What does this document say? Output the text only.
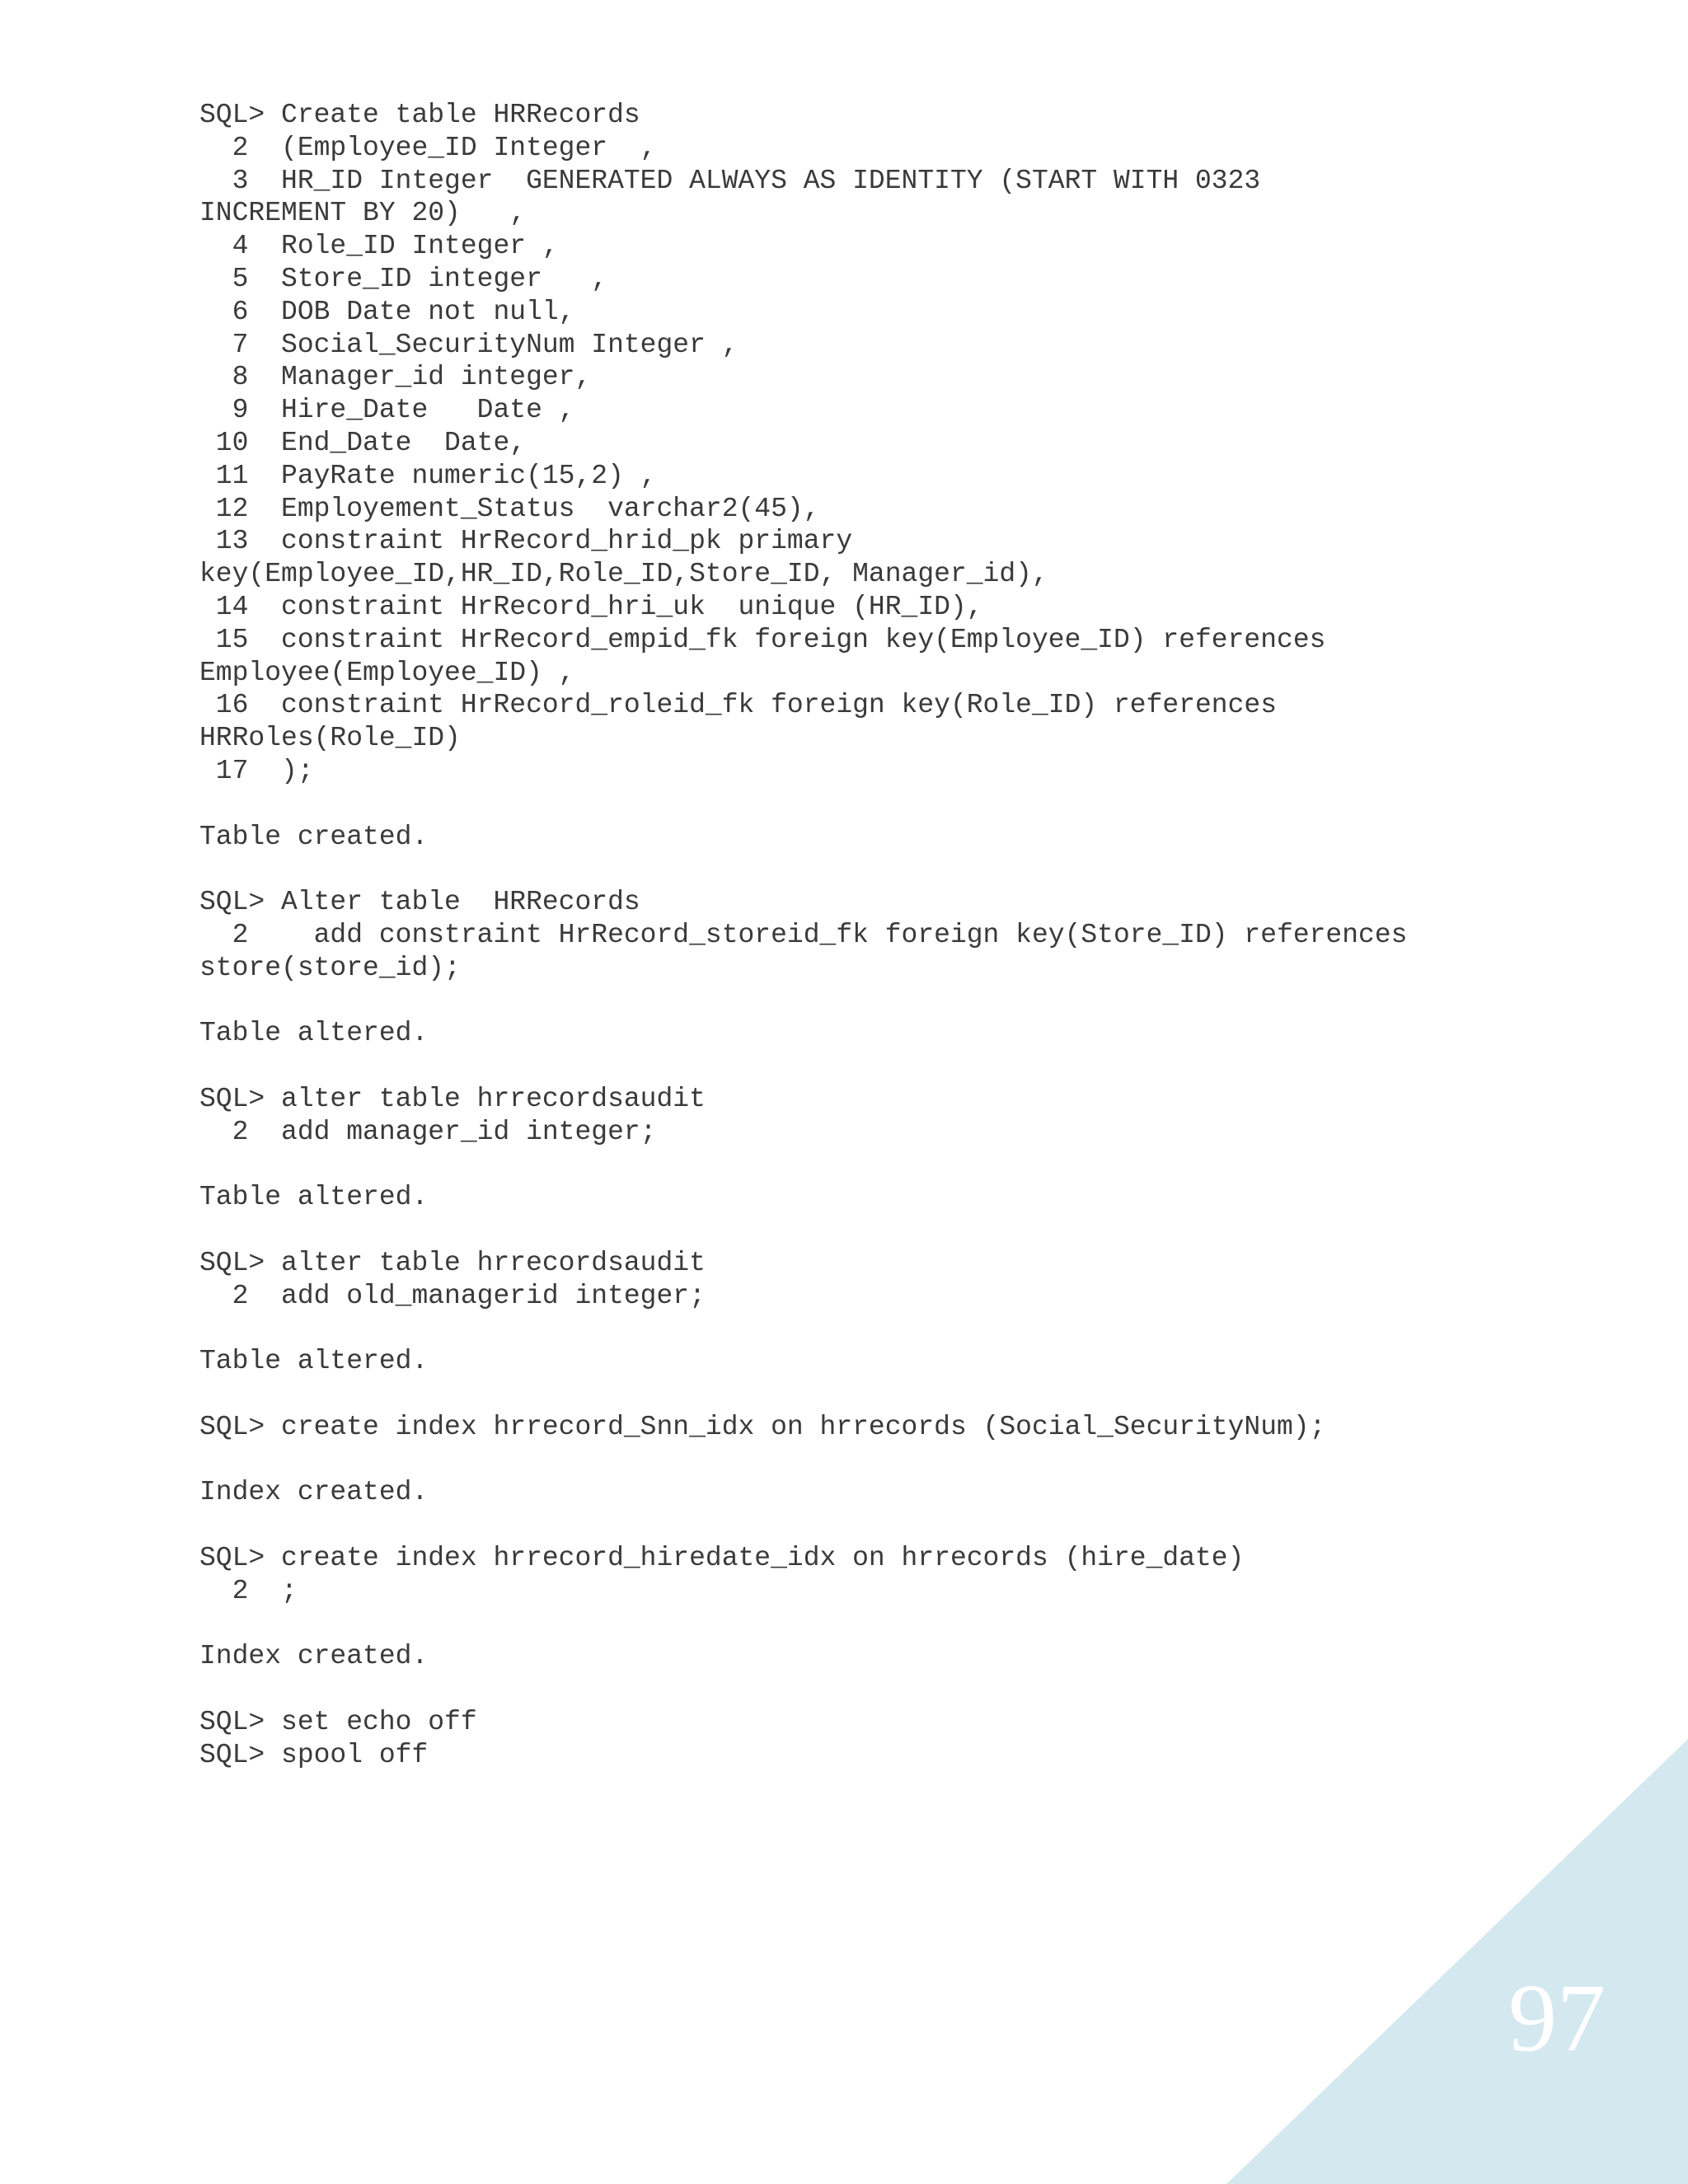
SQL> Create table HRRecords
2  (Employee_ID Integer  ,
3  HR_ID Integer  GENERATED ALWAYS AS IDENTITY (START WITH 0323
INCREMENT BY 20)   ,
4  Role_ID Integer ,
5  Store_ID integer   ,
6  DOB Date not null,
7  Social_SecurityNum Integer ,
8  Manager_id integer,
9  Hire_Date   Date ,
10  End_Date  Date,
11  PayRate numeric(15,2) ,
12  Employement_Status  varchar2(45),
13  constraint HrRecord_hrid_pk primary
key(Employee_ID,HR_ID,Role_ID,Store_ID, Manager_id),
14  constraint HrRecord_hri_uk  unique (HR_ID),
15  constraint HrRecord_empid_fk foreign key(Employee_ID) references
Employee(Employee_ID) ,
16  constraint HrRecord_roleid_fk foreign key(Role_ID) references
HRRoles(Role_ID)
17  );
Table created.
SQL> Alter table  HRRecords
2    add constraint HrRecord_storeid_fk foreign key(Store_ID) references
store(store_id);
Table altered.
SQL> alter table hrrecordsaudit
2  add manager_id integer;
Table altered.
SQL> alter table hrrecordsaudit
2  add old_managerid integer;
Table altered.
SQL> create index hrrecord_Snn_idx on hrrecords (Social_SecurityNum);
Index created.
SQL> create index hrrecord_hiredate_idx on hrrecords (hire_date)
2  ;
Index created.
SQL> set echo off
SQL> spool off
97
